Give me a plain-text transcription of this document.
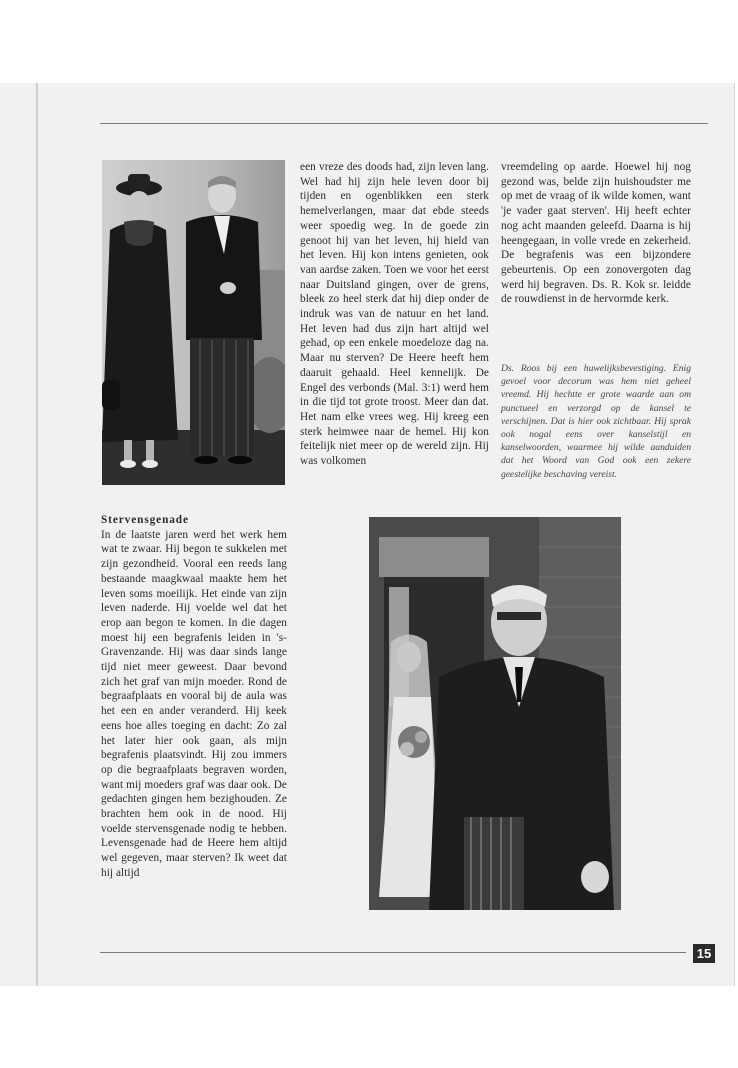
een vreze des doods had, zijn leven lang. Wel had hij zijn hele leven door bij tijden en ogenblikken een sterk hemelverlangen, maar dat ebde steeds weer spoedig weg. In de goede zin genoot hij van het leven, hij hield van het leven. Hij kon intens genieten, ook van aardse zaken. Toen we voor het eerst naar Duitsland gingen, over de grens, bleek zo heel sterk dat hij diep onder de indruk was van de natuur en het land. Het leven had dus zijn hart altijd wel gehad, op een enkele moedeloze dag na. Maar nu sterven? De Heere heeft hem daaruit gehaald. Heel kennelijk. De Engel des verbonds (Mal. 3:1) werd hem in die tijd tot grote troost. Meer dan dat. Het nam elke vrees weg. Hij kreeg een sterk heimwee naar de hemel. Hij kon feitelijk niet meer op de wereld zijn. Hij was volkomen
vreemdeling op aarde. Hoewel hij nog gezond was, belde zijn huishoudster me op met de vraag of ik wilde komen, want 'je vader gaat sterven'. Hij heeft echter nog acht maanden geleefd. Daarna is hij heengegaan, in volle vrede en zekerheid. De begrafenis was een bijzondere gebeurtenis. Op een zonovergoten dag werd hij begraven. Ds. R. Kok sr. leidde de rouwdienst in de hervormde kerk.
Ds. Roos bij een huwelijksbevestiging. Enig gevoel voor decorum was hem niet geheel vreemd. Hij hechtte er grote waarde aan om punctueel en verzorgd op de kansel te verschijnen. Dat is hier ook zichtbaar. Hij sprak ook nogal eens over kanselstijl en kanselwoorden, waarmee hij wilde aanduiden dat het Woord van God ook een zekere geestelijke beschaving vereist.
Stervensgenade
In de laatste jaren werd het werk hem wat te zwaar. Hij begon te sukkelen met zijn gezondheid. Vooral een reeds lang bestaande maagkwaal maakte hem het leven soms moeilijk. Het einde van zijn leven naderde. Hij voelde wel dat het erop aan begon te komen. In die dagen moest hij een begrafenis leiden in 's-Gravenzande. Hij was daar sinds lange tijd niet meer geweest. Daar bevond zich het graf van mijn moeder. Rond de begraafplaats en vooral bij de aula was het een en ander veranderd. Hij keek eens hoe alles toeging en dacht: Zo zal het later hier ook gaan, als mijn begrafenis plaatsvindt. Hij zou immers op die begraafplaats begraven worden, want mij moeders graf was daar ook. De gedachten gingen hem bezighouden. Ze brachten hem ook in de nood. Hij voelde stervensgenade nodig te hebben. Levensgenade had de Heere hem altijd wel gegeven, maar sterven? Ik weet dat hij altijd
15
